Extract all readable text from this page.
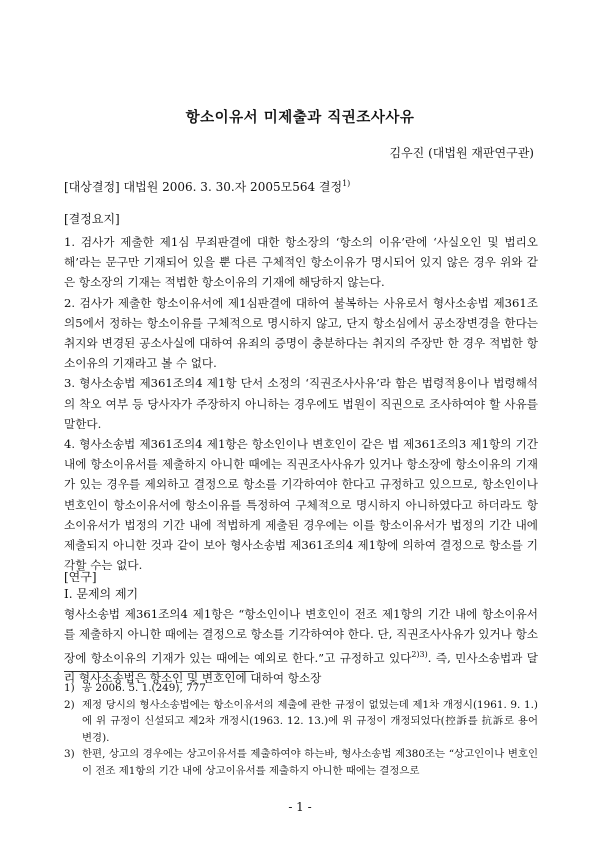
항소이유서 미제출과 직권조사사유
김우진 (대법원 재판연구관)
[대상결정] 대법원 2006. 3. 30.자 2005모564 결정$^{1)}$
[결정요지]

1. 검사가 제출한 제1심 무죄판결에 대한 항소장의 ‘항소의 이유’란에 ‘사실오인 및 법리오해’라는 문구만 기재되어 있을 뿐 다른 구체적인 항소이유가 명시되어 있지 않은 경우 위와 같은 항소장의 기재는 적법한 항소이유의 기재에 해당하지 않는다.

2. 검사가 제출한 항소이유서에 제1심판결에 대하여 불복하는 사유로서 형사소송법 제361조의5에서 정하는 항소이유를 구체적으로 명시하지 않고, 단지 항소심에서 공소장변경을 한다는 취지와 변경된 공소사실에 대하여 유죄의 증명이 충분하다는 취지의 주장만 한 경우 적법한 항소이유의 기재라고 볼 수 없다.

3. 형사소송법 제361조의4 제1항 단서 소정의 ‘직권조사사유’라 함은 법령적용이나 법령해석의 착오 여부 등 당사자가 주장하지 아니하는 경우에도 법원이 직권으로 조사하여야 할 사유를 말한다.

4. 형사소송법 제361조의4 제1항은 항소인이나 변호인이 같은 법 제361조의3 제1항의 기간 내에 항소이유서를 제출하지 아니한 때에는 직권조사사유가 있거나 항소장에 항소이유의 기재가 있는 경우를 제외하고 결정으로 항소를 기각하여야 한다고 규정하고 있으므로, 항소인이나 변호인이 항소이유서에 항소이유를 특정하여 구체적으로 명시하지 아니하였다고 하더라도 항소이유서가 법정의 기간 내에 적법하게 제출된 경우에는 이를 항소이유서가 법정의 기간 내에 제출되지 아니한 것과 같이 보아 형사소송법 제361조의4 제1항에 의하여 결정으로 항소를 기각할 수는 없다.

[연구]

Ⅰ. 문제의 제기

형사소송법 제361조의4 제1항은 “항소인이나 변호인이 전조 제1항의 기간 내에 항소이유서를 제출하지 아니한 때에는 결정으로 항소를 기각하여야 한다. 단, 직권조사사유가 있거나 항소장에 항소이유의 기재가 있는 때에는 예외로 한다.”고 규정하고 있다$^{2)3)}$. 즉, 민사소송법과 달리 형사소송법은 항소인 및 변호인에 대하여 항소장

1) 공 2006. 5. 1.(249), 777
2) 제정 당시의 형사소송법에는 항소이유서의 제출에 관한 규정이 없었는데 제1차 개정시(1961. 9. 1.)에 위 규정이 신설되고 제2차 개정시(1963. 12. 13.)에 위 규정이 개정되었다(控訴를 抗訴로 용어 변경).
3) 한편, 상고의 경우에는 상고이유서를 제출하여야 하는바, 형사소송법 제380조는 “상고인이나 변호인이 전조 제1항의 기간 내에 상고이유서를 제출하지 아니한 때에는 결정으로
- 1 -
